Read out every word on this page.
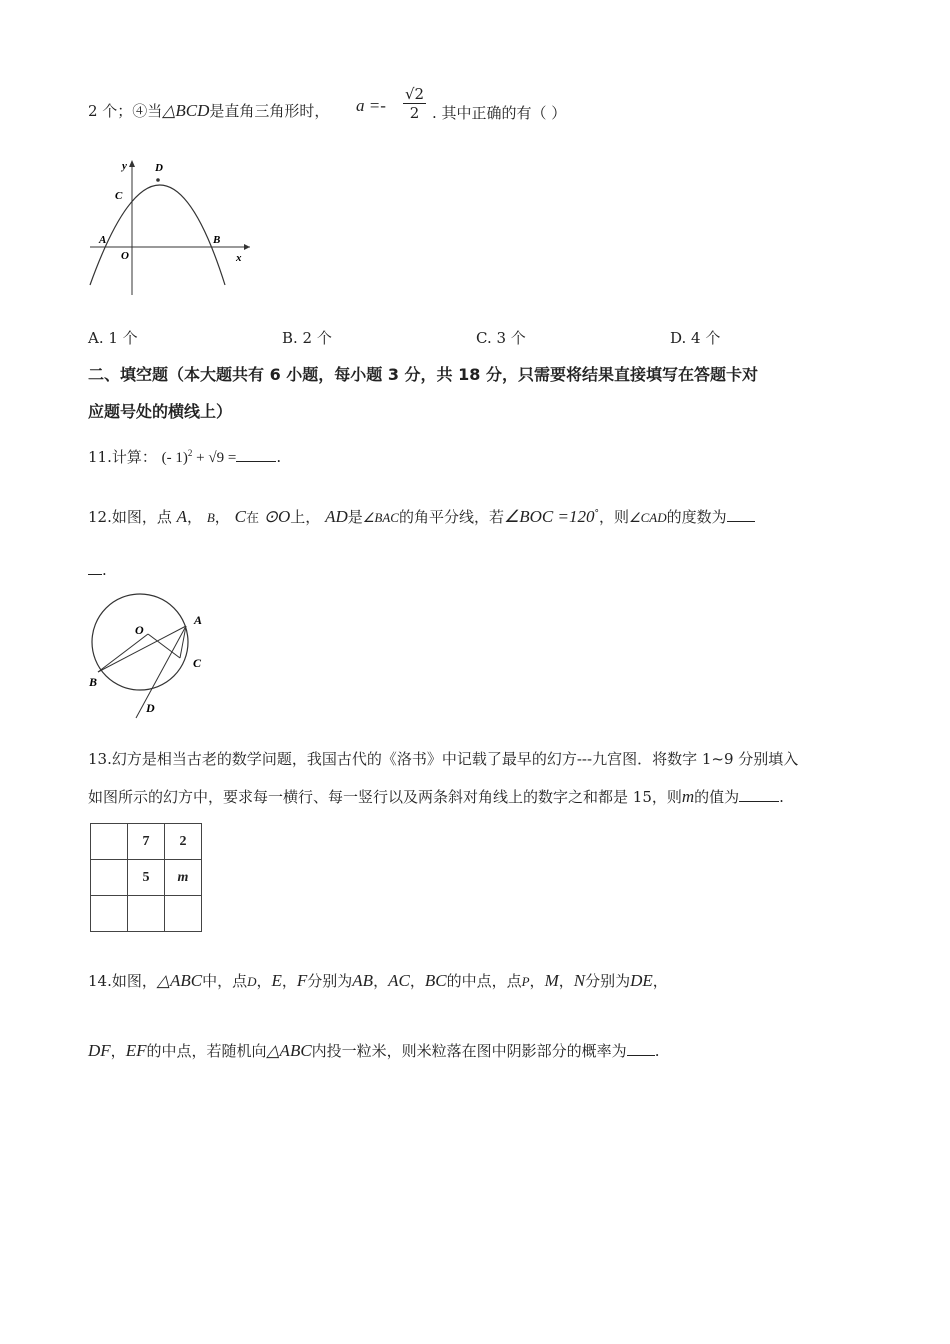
2 个；④当△BCD是直角三角形时， $a =- \frac{√2}{2}$ . 其中正确的有（ ）
y	D
C
A
O
B
x
A. 1 个	B. 2 个	C. 3 个	D. 4 个
二、填空题（本大题共有 6 小题，每小题 3 分，共 18 分，只需要将结果直接填写在答题卡对
应题号处的横线上）
11.计算： (- 1)$^2$ + √9 =	.
12.如图，点 A， B， C在 ⊙O上， AD是∠BAC的角平分线，若∠BOC =120°，则∠CAD的度数为
.
O
A
C
B
D
13.幻方是相当古老的数学问题，我国古代的《洛书》中记载了最早的幻方---九宫图．将数字 1~9 分别填入
如图所示的幻方中，要求每一横行、每一竖行以及两条斜对角线上的数字之和都是 15，则m的值为	.
	7	2
	5	m

14.如图，△ABC中，点D，E，F分别为AB，AC，BC的中点，点P，M，N分别为DE，
DF，EF的中点，若随机向△ABC内投一粒米，则米粒落在图中阴影部分的概率为 .
